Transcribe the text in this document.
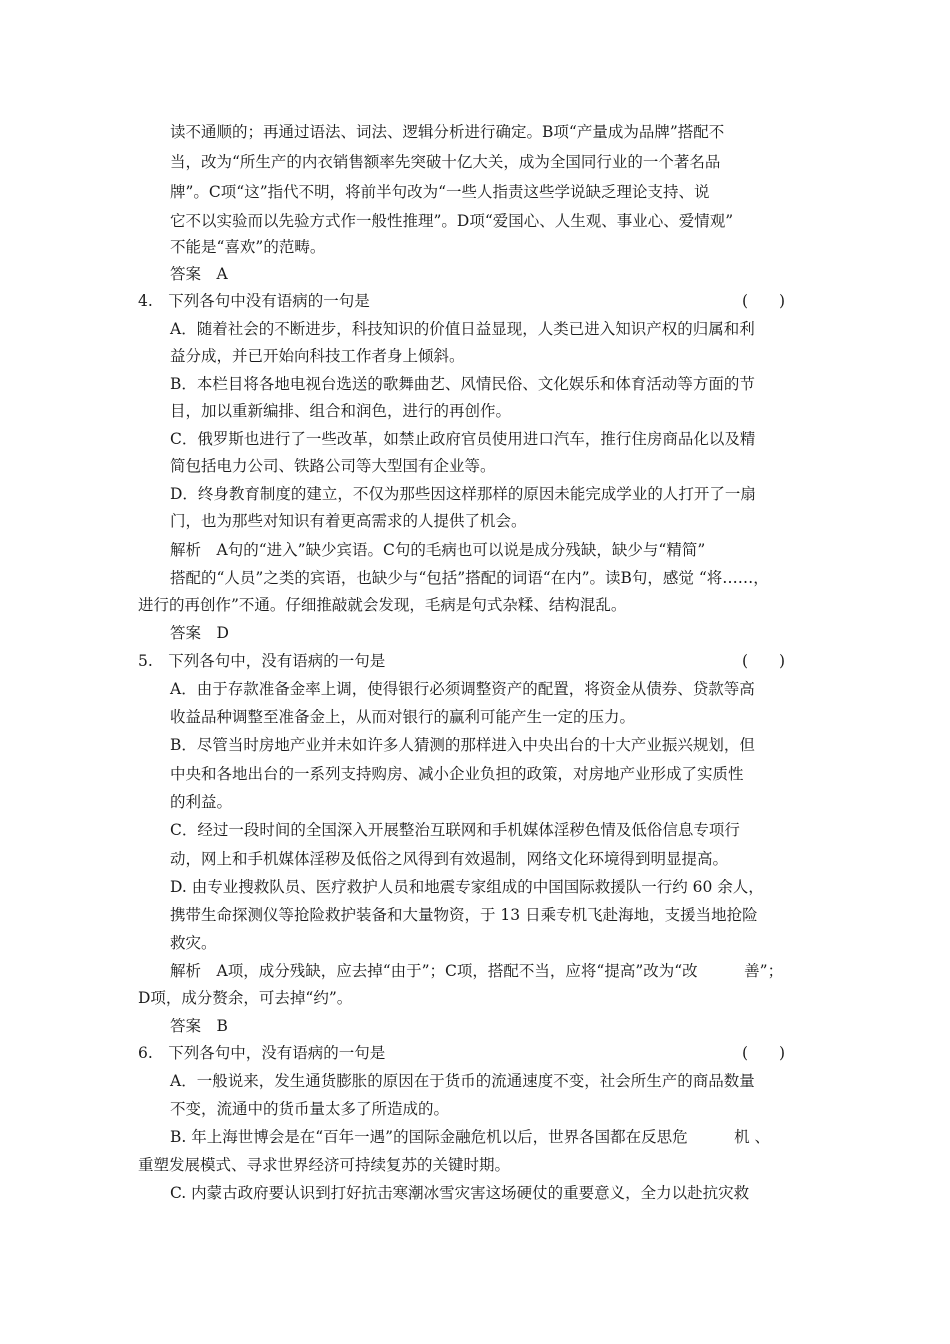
读不通顺的；再通过语法、词法、逻辑分析进行确定。B项“产量成为品牌”搭配不
当，改为“所生产的内衣销售额率先突破十亿大关，成为全国同行业的一个著名品
牌”。C项“这”指代不明，将前半句改为“一些人指责这些学说缺乏理论支持、说
它不以实验而以先验方式作一般性推理”。D项“爱国心、人生观、事业心、爱情观”
不能是“喜欢”的范畴。
答案　A
4.　下列各句中没有语病的一句是	(　　)
A．随着社会的不断进步，科技知识的价值日益显现，人类已进入知识产权的归属和利
益分成，并已开始向科技工作者身上倾斜。
B．本栏目将各地电视台选送的歌舞曲艺、风情民俗、文化娱乐和体育活动等方面的节
目，加以重新编排、组合和润色，进行的再创作。
C．俄罗斯也进行了一些改革，如禁止政府官员使用进口汽车，推行住房商品化以及精
简包括电力公司、铁路公司等大型国有企业等。
D．终身教育制度的建立，不仅为那些因这样那样的原因未能完成学业的人打开了一扇
门，也为那些对知识有着更高需求的人提供了机会。
解析　A句的“进入”缺少宾语。C句的毛病也可以说是成分残缺，缺少与“精简”
搭配的“人员”之类的宾语，也缺少与“包括”搭配的词语“在内”。读B句，感觉 “将……，
进行的再创作”不通。仔细推敲就会发现，毛病是句式杂糅、结构混乱。
答案　D
5.　下列各句中，没有语病的一句是	(　　)
A．由于存款准备金率上调，使得银行必须调整资产的配置，将资金从债券、贷款等高
收益品种调整至准备金上，从而对银行的赢利可能产生一定的压力。
B．尽管当时房地产业并未如许多人猜测的那样进入中央出台的十大产业振兴规划，但
中央和各地出台的一系列支持购房、减小企业负担的政策，对房地产业形成了实质性
的利益。
C．经过一段时间的全国深入开展整治互联网和手机媒体淫秽色情及低俗信息专项行
动，网上和手机媒体淫秽及低俗之风得到有效遏制，网络文化环境得到明显提高。
D. 由专业搜救队员、医疗救护人员和地震专家组成的中国国际救援队一行约 60 余人，
携带生命探测仪等抢险救护装备和大量物资，于 13 日乘专机飞赴海地，支援当地抢险
救灾。
解析　A项，成分残缺，应去掉“由于”；C项，搭配不当，应将“提高”改为“改　　　善”；
D项，成分赘余，可去掉“约”。
答案　B
6.　下列各句中，没有语病的一句是	(　　)
A．一般说来，发生通货膨胀的原因在于货币的流通速度不变，社会所生产的商品数量
不变，流通中的货币量太多了所造成的。
B. 年上海世博会是在“百年一遇”的国际金融危机以后，世界各国都在反思危　　　机 、
重塑发展模式、寻求世界经济可持续复苏的关键时期。
C. 内蒙古政府要认识到打好抗击寒潮冰雪灾害这场硬仗的重要意义，全力以赴抗灾救
